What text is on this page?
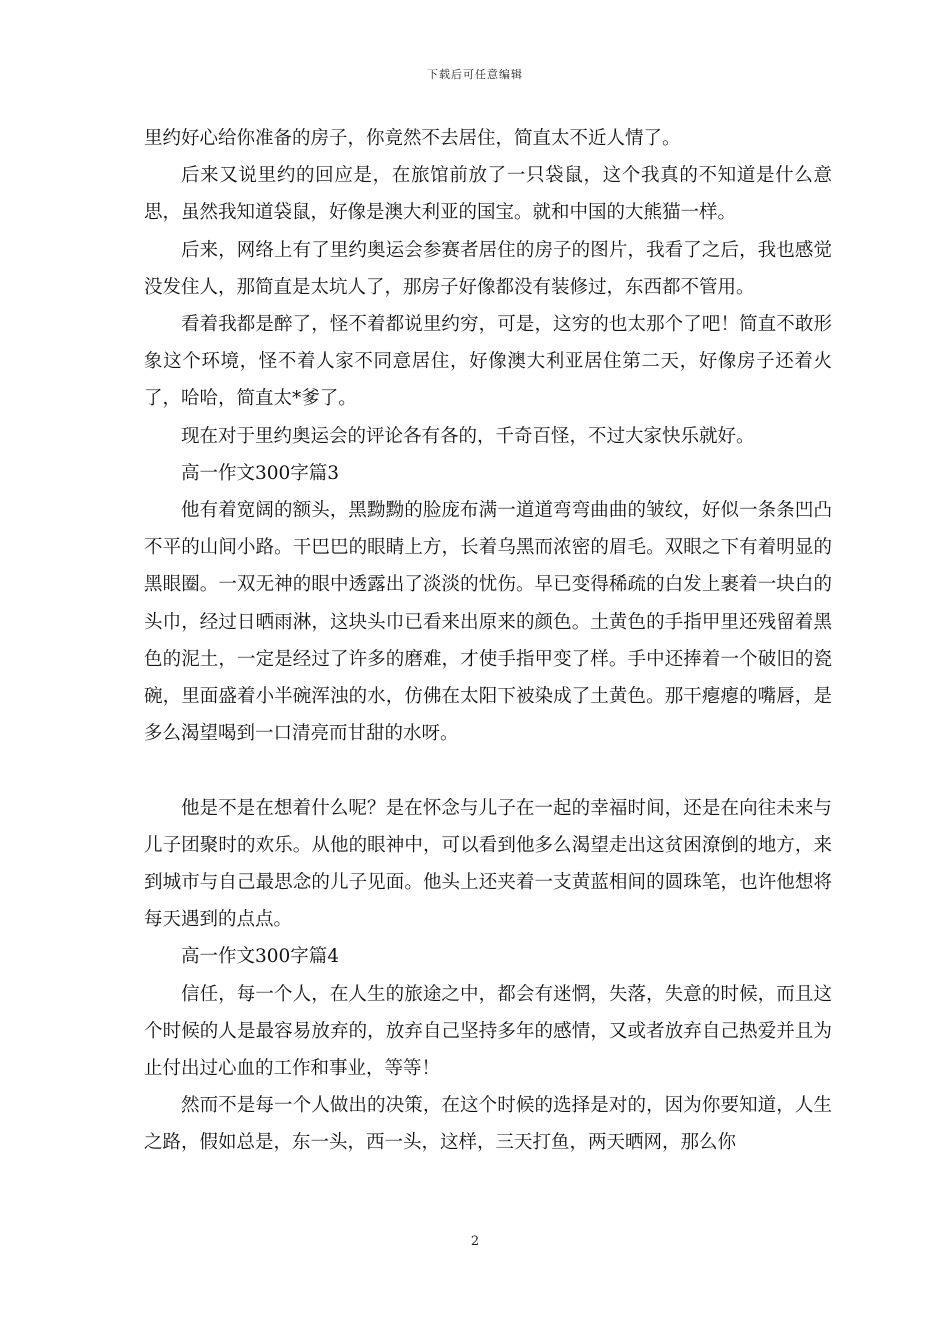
下载后可任意编辑

里约好心给你准备的房子，你竟然不去居住，简直太不近人情了。

后来又说里约的回应是，在旅馆前放了一只袋鼠，这个我真的不知道是什么意思，虽然我知道袋鼠，好像是澳大利亚的国宝。就和中国的大熊猫一样。

后来，网络上有了里约奥运会参赛者居住的房子的图片，我看了之后，我也感觉没发住人，那简直是太坑人了，那房子好像都没有装修过，东西都不管用。

看着我都是醉了，怪不着都说里约穷，可是，这穷的也太那个了吧！简直不敢形象这个环境，怪不着人家不同意居住，好像澳大利亚居住第二天，好像房子还着火了，哈哈，简直太*爹了。

现在对于里约奥运会的评论各有各的，千奇百怪，不过大家快乐就好。

高一作文300字篇3

他有着宽阔的额头，黑黝黝的脸庞布满一道道弯弯曲曲的皱纹，好似一条条凹凸不平的山间小路。干巴巴的眼睛上方，长着乌黑而浓密的眉毛。双眼之下有着明显的黑眼圈。一双无神的眼中透露出了淡淡的忧伤。早已变得稀疏的白发上裹着一块白的头巾，经过日晒雨淋，这块头巾已看来出原来的颜色。土黄色的手指甲里还残留着黑色的泥土，一定是经过了许多的磨难，才使手指甲变了样。手中还捧着一个破旧的瓷碗，里面盛着小半碗浑浊的水，仿佛在太阳下被染成了土黄色。那干瘪瘪的嘴唇，是多么渴望喝到一口清亮而甘甜的水呀。

他是不是在想着什么呢？是在怀念与儿子在一起的幸福时间，还是在向往未来与儿子团聚时的欢乐。从他的眼神中，可以看到他多么渴望走出这贫困潦倒的地方，来到城市与自己最思念的儿子见面。他头上还夹着一支黄蓝相间的圆珠笔，也许他想将每天遇到的点点。

高一作文300字篇4

信任，每一个人，在人生的旅途之中，都会有迷惘，失落，失意的时候，而且这个时候的人是最容易放弃的，放弃自己坚持多年的感情，又或者放弃自己热爱并且为止付出过心血的工作和事业，等等！

然而不是每一个人做出的决策，在这个时候的选择是对的，因为你要知道，人生之路，假如总是，东一头，西一头，这样，三天打鱼，两天晒网，那么你

2
